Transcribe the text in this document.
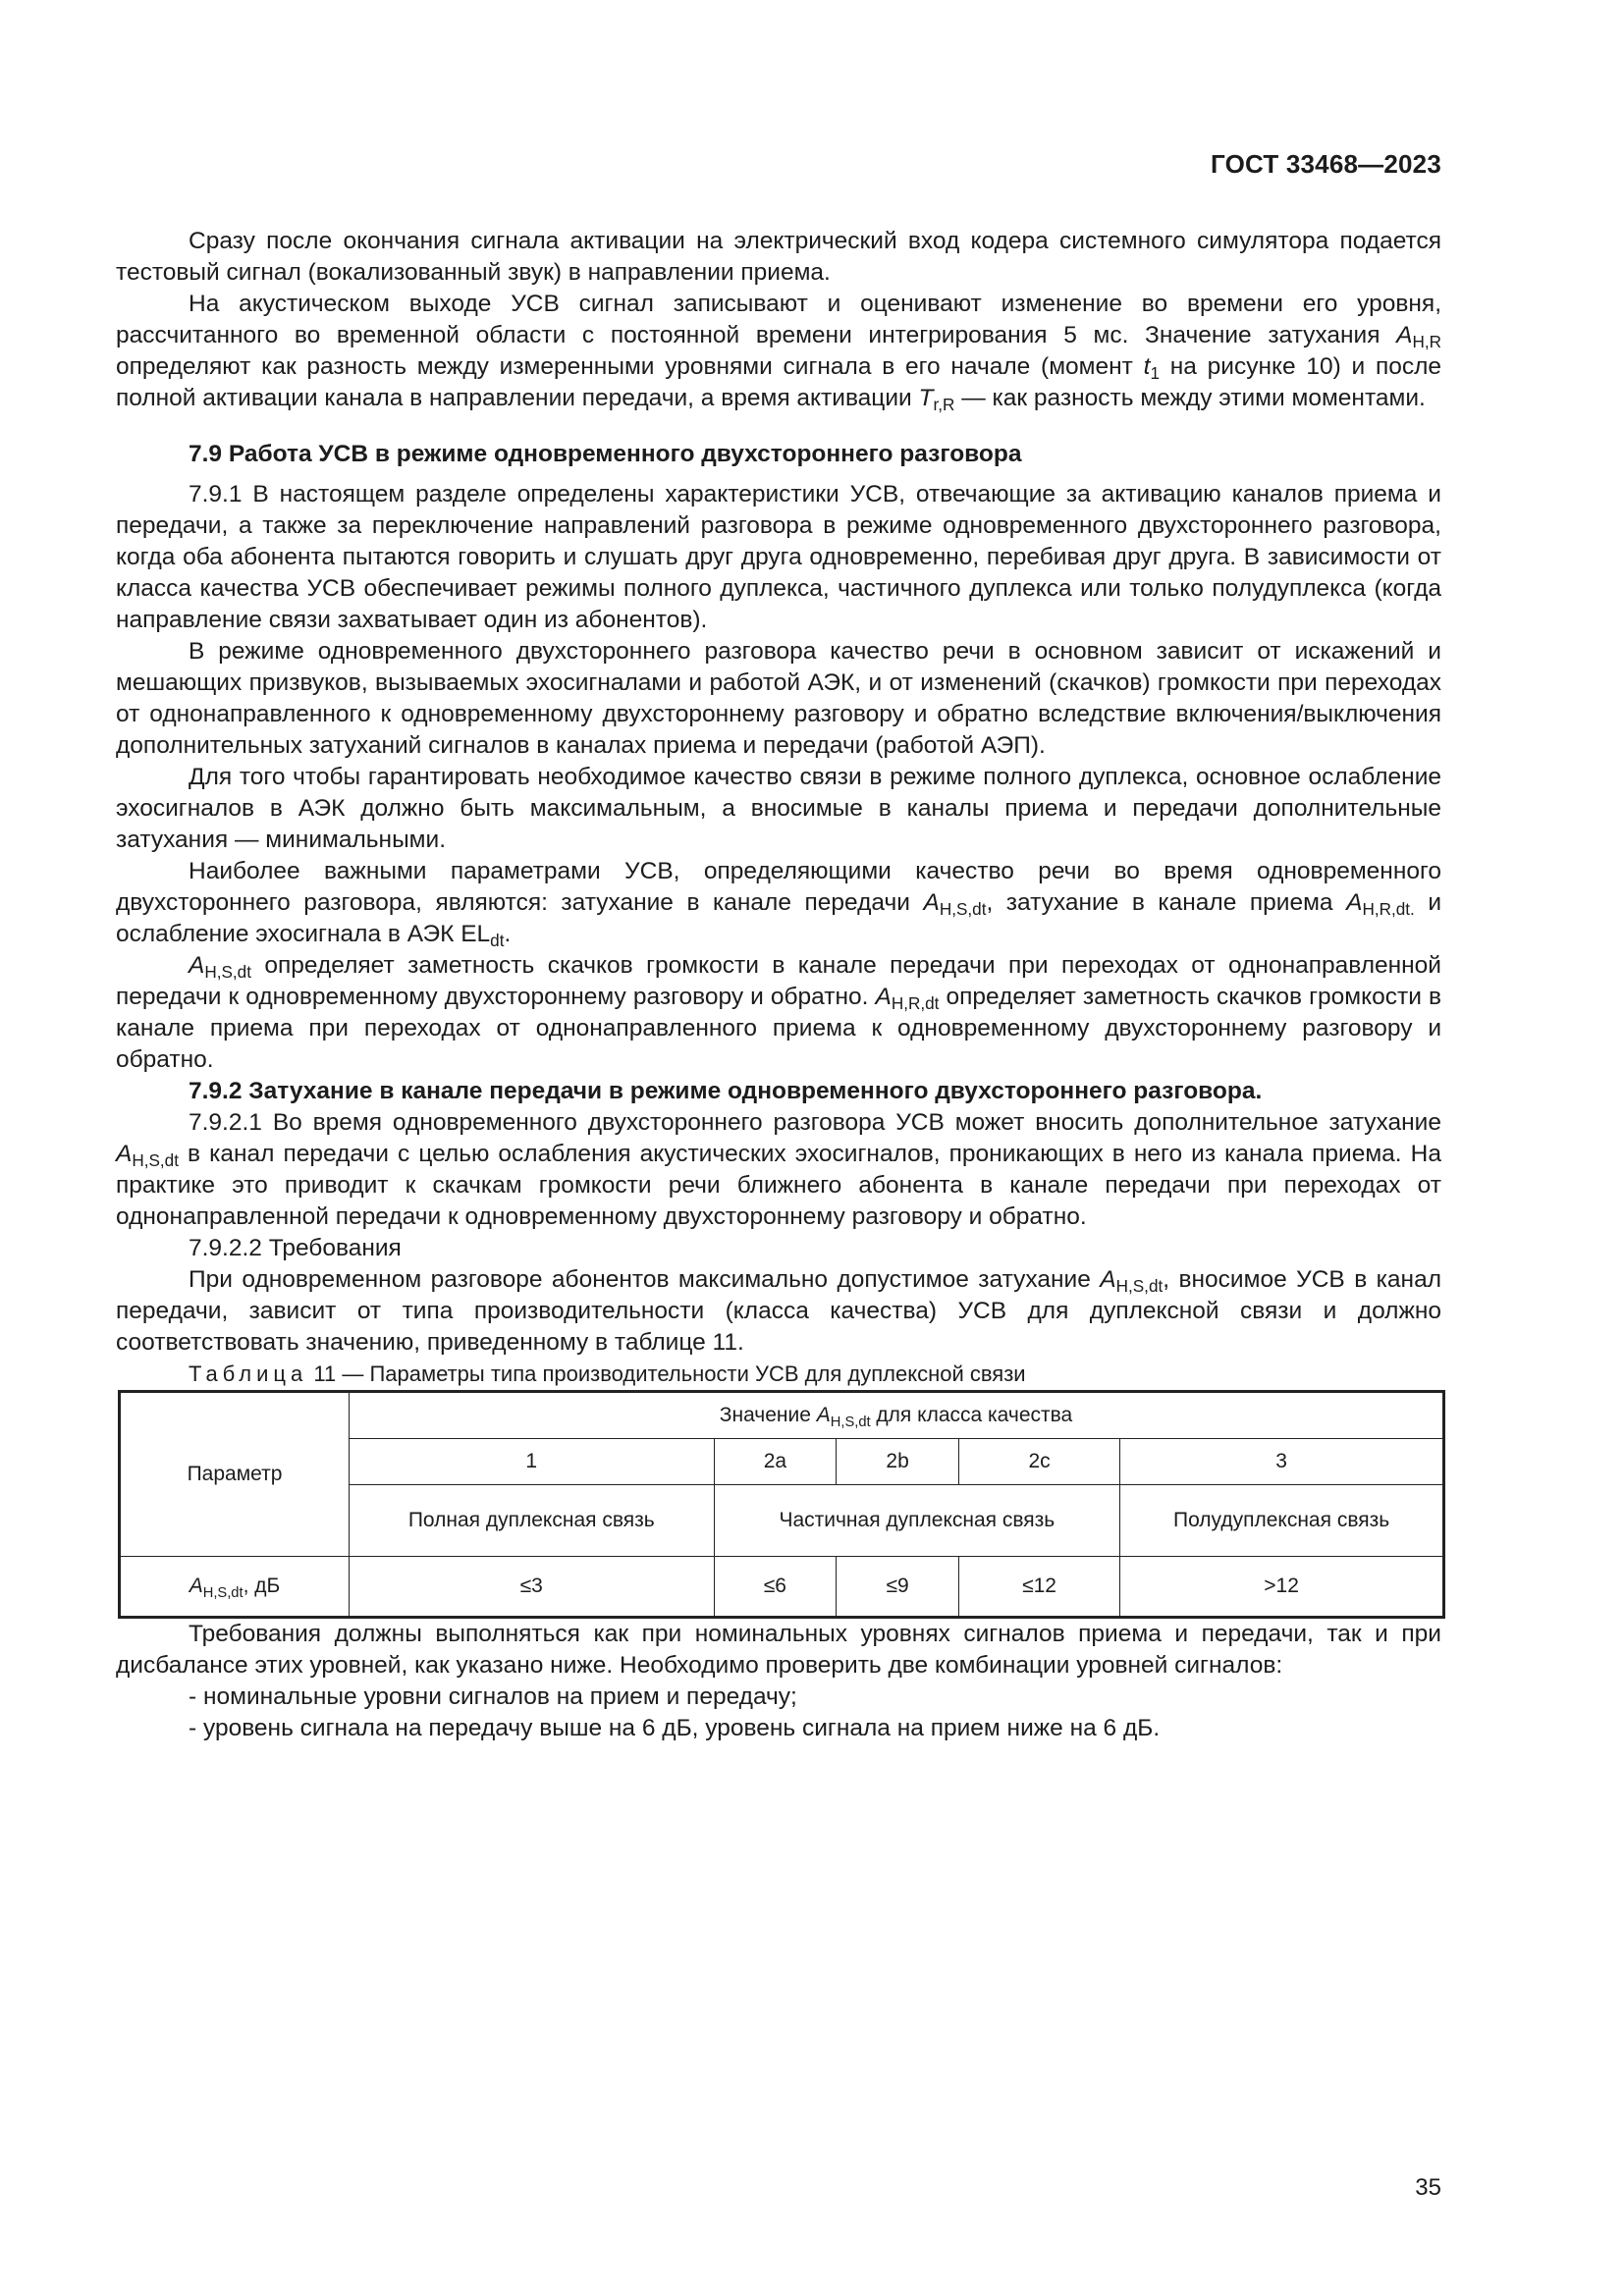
ГОСТ 33468—2023

Сразу после окончания сигнала активации на электрический вход кодера системного симулятора подается тестовый сигнал (вокализованный звук) в направлении приема.

На акустическом выходе УСВ сигнал записывают и оценивают изменение во времени его уровня, рассчитанного во временной области с постоянной времени интегрирования 5 мс. Значение затухания $A_{H,R}$ определяют как разность между измеренными уровнями сигнала в его начале (момент $t_1$ на рисунке 10) и после полной активации канала в направлении передачи, а время активации $T_{r,R}$ — как разность между этими моментами.

7.9 Работа УСВ в режиме одновременного двухстороннего разговора

7.9.1 В настоящем разделе определены характеристики УСВ, отвечающие за активацию каналов приема и передачи, а также за переключение направлений разговора в режиме одновременного двухстороннего разговора, когда оба абонента пытаются говорить и слушать друг друга одновременно, перебивая друг друга. В зависимости от класса качества УСВ обеспечивает режимы полного дуплекса, частичного дуплекса или только полудуплекса (когда направление связи захватывает один из абонентов).

В режиме одновременного двухстороннего разговора качество речи в основном зависит от искажений и мешающих призвуков, вызываемых эхосигналами и работой АЭК, и от изменений (скачков) громкости при переходах от однонаправленного к одновременному двухстороннему разговору и обратно вследствие включения/выключения дополнительных затуханий сигналов в каналах приема и передачи (работой АЭП).

Для того чтобы гарантировать необходимое качество связи в режиме полного дуплекса, основное ослабление эхосигналов в АЭК должно быть максимальным, а вносимые в каналы приема и передачи дополнительные затухания — минимальными.

Наиболее важными параметрами УСВ, определяющими качество речи во время одновременного двухстороннего разговора, являются: затухание в канале передачи $A_{H,S,dt}$, затухание в канале приема $A_{H,R,dt.}$ и ослабление эхосигнала в АЭК $EL_{dt}$.

$A_{H,S,dt}$ определяет заметность скачков громкости в канале передачи при переходах от однонаправленной передачи к одновременному двухстороннему разговору и обратно. $A_{H,R,dt}$ определяет заметность скачков громкости в канале приема при переходах от однонаправленного приема к одновременному двухстороннему разговору и обратно.

7.9.2 Затухание в канале передачи в режиме одновременного двухстороннего разговора.

7.9.2.1 Во время одновременного двухстороннего разговора УСВ может вносить дополнительное затухание $A_{H,S,dt}$ в канал передачи с целью ослабления акустических эхосигналов, проникающих в него из канала приема. На практике это приводит к скачкам громкости речи ближнего абонента в канале передачи при переходах от однонаправленной передачи к одновременному двухстороннему разговору и обратно.

7.9.2.2 Требования

При одновременном разговоре абонентов максимально допустимое затухание $A_{H,S,dt}$, вносимое УСВ в канал передачи, зависит от типа производительности (класса качества) УСВ для дуплексной связи и должно соответствовать значению, приведенному в таблице 11.

Таблица 11 — Параметры типа производительности УСВ для дуплексной связи

Параметр	Значение $A_{H,S,dt}$ для класса качества				
	1	2a	2b	2c	3
	Полная дуплексная связь	Частичная дуплексная связь			Полудуплексная связь
$A_{H,S,dt}$, дБ	≤3	≤6	≤9	≤12	>12

Требования должны выполняться как при номинальных уровнях сигналов приема и передачи, так и при дисбалансе этих уровней, как указано ниже. Необходимо проверить две комбинации уровней сигналов:

- номинальные уровни сигналов на прием и передачу;

- уровень сигнала на передачу выше на 6 дБ, уровень сигнала на прием ниже на 6 дБ.

35
